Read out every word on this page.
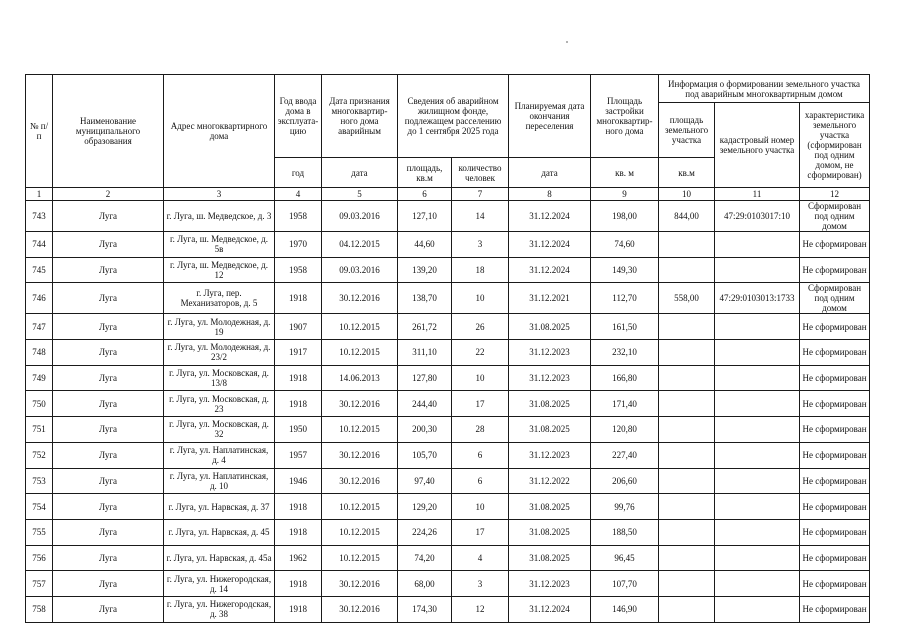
№ п/п	Наименование муниципального образования	Адрес многоквартирного дома	Год ввода дома в эксплуата-цию	Дата признания многоквартир-ного дома аварийным	Сведения об аварийном жилищном фонде, подлежащем расселению до 1 сентября 2025 года		Планируемая дата окончания переселения	Площадь застройки многоквартир-ного дома	Информация о формировании земельного участка под аварийным многоквартирным домом		
									площадь земельного участка	кадастровый номер земельного участка	характеристика земельного участка (сформирован под одним домом, не сформирован)
			год	дата	площадь, кв.м	количество человек	дата	кв. м	кв.м		
1	2	3	4	5	6	7	8	9	10	11	12
743	Луга	г. Луга, ш. Медведское, д. 3	1958	09.03.2016	127,10	14	31.12.2024	198,00	844,00	47:29:0103017:10	Сформирован под одним домом
744	Луга	г. Луга, ш. Медведское, д. 5в	1970	04.12.2015	44,60	3	31.12.2024	74,60			Не сформирован
745	Луга	г. Луга, ш. Медведское, д. 12	1958	09.03.2016	139,20	18	31.12.2024	149,30			Не сформирован
746	Луга	г. Луга, пер. Механизаторов, д. 5	1918	30.12.2016	138,70	10	31.12.2021	112,70	558,00	47:29:0103013:1733	Сформирован под одним домом
747	Луга	г. Луга, ул. Молодежная, д. 19	1907	10.12.2015	261,72	26	31.08.2025	161,50			Не сформирован
748	Луга	г. Луга, ул. Молодежная, д. 23/2	1917	10.12.2015	311,10	22	31.12.2023	232,10			Не сформирован
749	Луга	г. Луга, ул. Московская, д. 13/8	1918	14.06.2013	127,80	10	31.12.2023	166,80			Не сформирован
750	Луга	г. Луга, ул. Московская, д. 23	1918	30.12.2016	244,40	17	31.08.2025	171,40			Не сформирован
751	Луга	г. Луга, ул. Московская, д. 32	1950	10.12.2015	200,30	28	31.08.2025	120,80			Не сформирован
752	Луга	г. Луга, ул. Наплатинская, д. 4	1957	30.12.2016	105,70	6	31.12.2023	227,40			Не сформирован
753	Луга	г. Луга, ул. Наплатинская, д. 10	1946	30.12.2016	97,40	6	31.12.2022	206,60			Не сформирован
754	Луга	г. Луга, ул. Нарвская, д. 37	1918	10.12.2015	129,20	10	31.08.2025	99,76			Не сформирован
755	Луга	г. Луга, ул. Нарвская, д. 45	1918	10.12.2015	224,26	17	31.08.2025	188,50			Не сформирован
756	Луга	г. Луга, ул. Нарвская, д. 45а	1962	10.12.2015	74,20	4	31.08.2025	96,45			Не сформирован
757	Луга	г. Луга, ул. Нижегородская, д. 14	1918	30.12.2016	68,00	3	31.12.2023	107,70			Не сформирован
758	Луга	г. Луга, ул. Нижегородская, д. 38	1918	30.12.2016	174,30	12	31.12.2024	146,90			Не сформирован
